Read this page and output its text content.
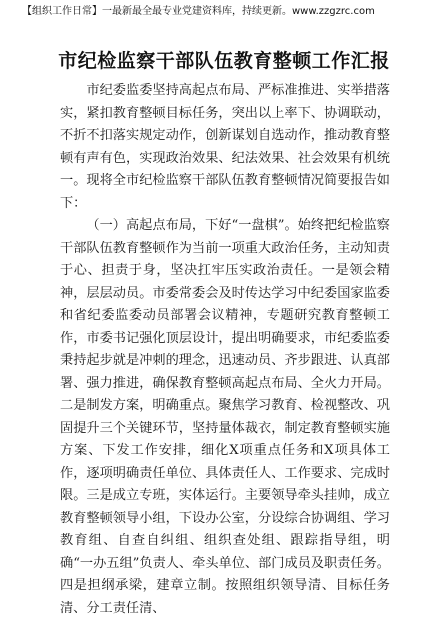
【组织工作日常】一最新最全最专业党建资料库，持续更新。www.zzgzrc.com
市纪检监察干部队伍教育整顿工作汇报

市纪委监委坚持高起点布局、严标准推进、实举措落实，紧扣教育整顿目标任务，突出以上率下、协调联动，不折不扣落实规定动作，创新谋划自选动作，推动教育整顿有声有色，实现政治效果、纪法效果、社会效果有机统一。现将全市纪检监察干部队伍教育整顿情况简要报告如下：

（一）高起点布局，下好“一盘棋”。始终把纪检监察干部队伍教育整顿作为当前一项重大政治任务，主动知责于心、担责于身，坚决扛牢压实政治责任。一是领会精神，层层动员。市委常委会及时传达学习中纪委国家监委和省纪委监委动员部署会议精神，专题研究教育整顿工作，市委书记强化顶层设计，提出明确要求，市纪委监委秉持起步就是冲刺的理念，迅速动员、齐步跟进、认真部署、强力推进，确保教育整顿高起点布局、全火力开局。二是制发方案，明确重点。聚焦学习教育、检视整改、巩固提升三个关键环节，坚持量体裁衣，制定教育整顿实施方案、下发工作安排，细化X项重点任务和X项具体工作，逐项明确责任单位、具体责任人、工作要求、完成时限。三是成立专班，实体运行。主要领导牵头挂帅，成立教育整顿领导小组，下设办公室，分设综合协调组、学习教育组、自查自纠组、组织查处组、跟踪指导组，明确“一办五组”负责人、牵头单位、部门成员及职责任务。四是担纲承梁，建章立制。按照组织领导清、目标任务清、分工责任清、
